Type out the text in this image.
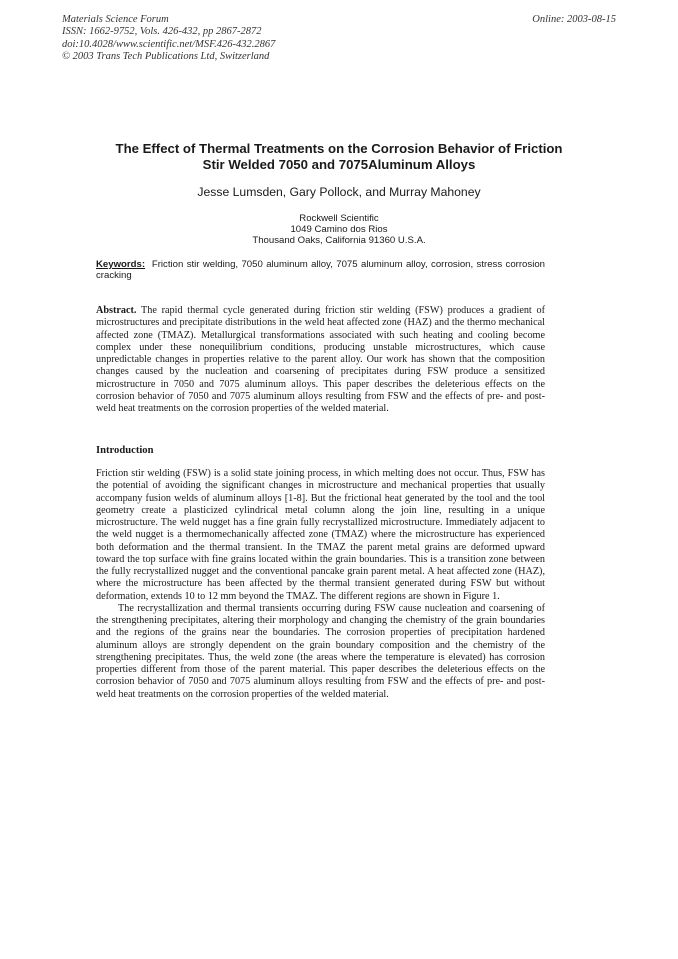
Materials Science Forum
ISSN: 1662-9752, Vols. 426-432, pp 2867-2872
doi:10.4028/www.scientific.net/MSF.426-432.2867
© 2003 Trans Tech Publications Ltd, Switzerland
Online: 2003-08-15
The Effect of Thermal Treatments on the Corrosion Behavior of Friction
Stir Welded 7050 and 7075Aluminum Alloys
Jesse Lumsden, Gary Pollock, and Murray Mahoney
Rockwell Scientific
1049 Camino dos Rios
Thousand Oaks, California 91360 U.S.A.
Keywords: Friction stir welding, 7050 aluminum alloy, 7075 aluminum alloy, corrosion, stress corrosion cracking
Abstract. The rapid thermal cycle generated during friction stir welding (FSW) produces a gradient of microstructures and precipitate distributions in the weld heat affected zone (HAZ) and the thermo mechanical affected zone (TMAZ). Metallurgical transformations associated with such heating and cooling become complex under these nonequilibrium conditions, producing unstable microstructures, which cause unpredictable changes in properties relative to the parent alloy. Our work has shown that the composition changes caused by the nucleation and coarsening of precipitates during FSW produce a sensitized microstructure in 7050 and 7075 aluminum alloys. This paper describes the deleterious effects on the corrosion behavior of 7050 and 7075 aluminum alloys resulting from FSW and the effects of pre- and post- weld heat treatments on the corrosion properties of the welded material.
Introduction

Friction stir welding (FSW) is a solid state joining process, in which melting does not occur. Thus, FSW has the potential of avoiding the significant changes in microstructure and mechanical properties that usually accompany fusion welds of aluminum alloys [1-8]. But the frictional heat generated by the tool and the tool geometry create a plasticized cylindrical metal column along the join line, resulting in a unique microstructure. The weld nugget has a fine grain fully recrystallized microstructure. Immediately adjacent to the weld nugget is a thermomechanically affected zone (TMAZ) where the microstructure has experienced both deformation and the thermal transient. In the TMAZ the parent metal grains are deformed upward toward the top surface with fine grains located within the grain boundaries. This is a transition zone between the fully recrystallized nugget and the conventional pancake grain parent metal. A heat affected zone (HAZ), where the microstructure has been affected by the thermal transient generated during FSW but without deformation, extends 10 to 12 mm beyond the TMAZ. The different regions are shown in Figure 1.

The recrystallization and thermal transients occurring during FSW cause nucleation and coarsening of the strengthening precipitates, altering their morphology and changing the chemistry of the grain boundaries and the regions of the grains near the boundaries. The corrosion properties of precipitation hardened aluminum alloys are strongly dependent on the grain boundary composition and the chemistry of the strengthening precipitates. Thus, the weld zone (the areas where the temperature is elevated) has corrosion properties different from those of the parent material. This paper describes the deleterious effects on the corrosion behavior of 7050 and 7075 aluminum alloys resulting from FSW and the effects of pre- and post- weld heat treatments on the corrosion properties of the welded material.
